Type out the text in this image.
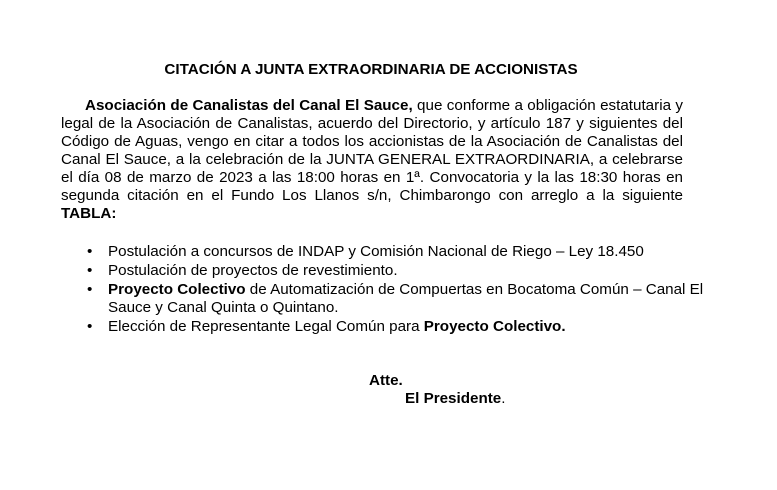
CITACIÓN A JUNTA EXTRAORDINARIA DE ACCIONISTAS

Asociación de Canalistas del Canal El Sauce, que conforme a obligación estatutaria y legal de la Asociación de Canalistas, acuerdo del Directorio, y artículo 187 y siguientes del Código de Aguas, vengo en citar a todos los accionistas de la Asociación de Canalistas del Canal El Sauce, a la celebración de la JUNTA GENERAL EXTRAORDINARIA, a celebrarse el día 08 de marzo de 2023 a las 18:00 horas en 1ª. Convocatoria y la las 18:30 horas en segunda citación en el Fundo Los Llanos s/n, Chimbarongo con arreglo a la siguiente TABLA:

• Postulación a concursos de INDAP y Comisión Nacional de Riego – Ley 18.450
• Postulación de proyectos de revestimiento.
• Proyecto Colectivo de Automatización de Compuertas en Bocatoma Común – Canal El Sauce y Canal Quinta o Quintano.
• Elección de Representante Legal Común para Proyecto Colectivo.

Atte.

El Presidente.
